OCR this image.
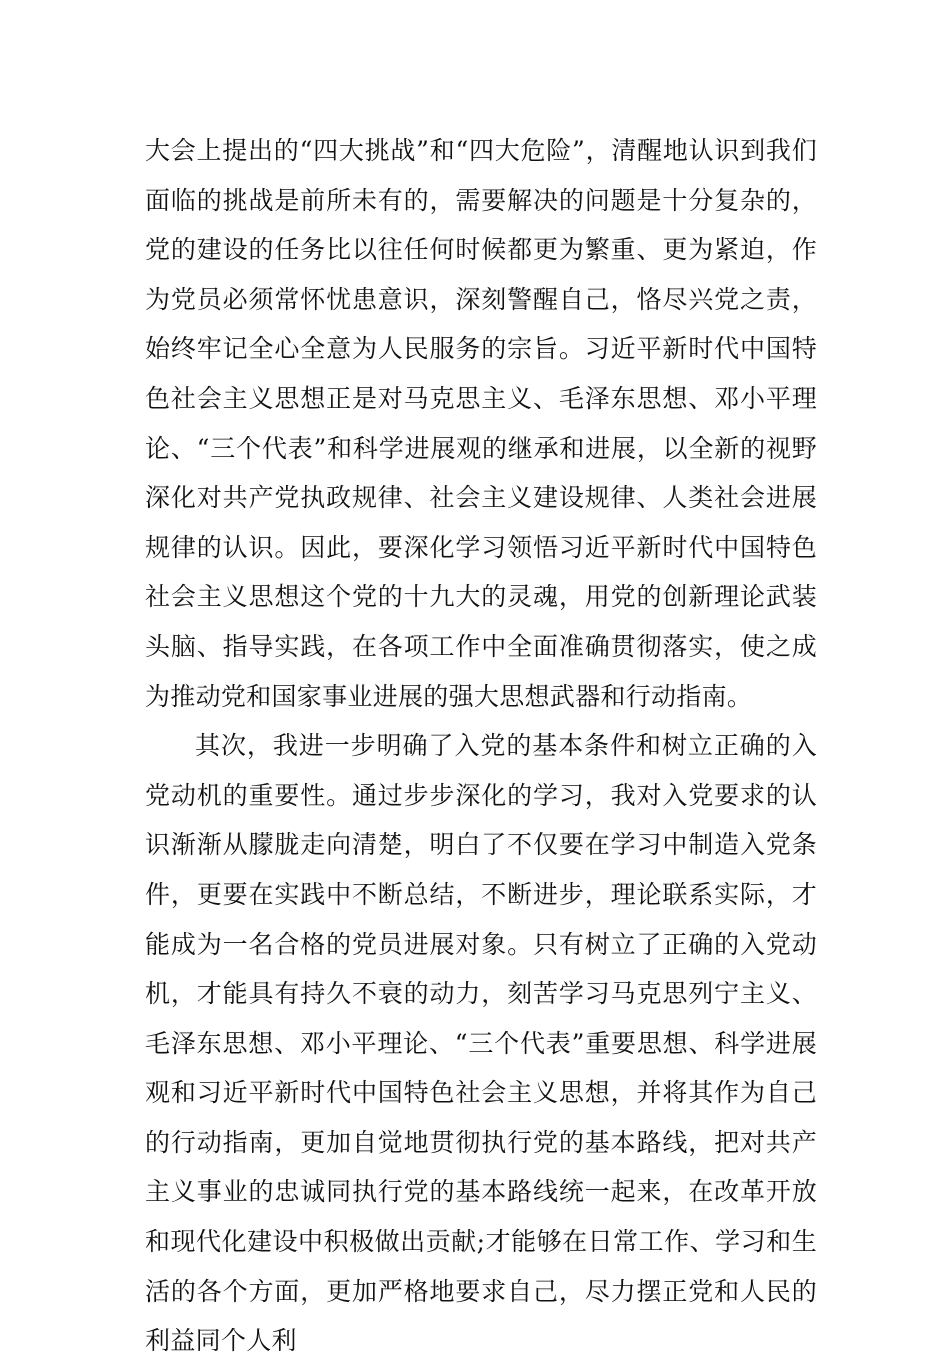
大会上提出的“四大挑战”和“四大危险”，清醒地认识到我们面临的挑战是前所未有的，需要解决的问题是十分复杂的，党的建设的任务比以往任何时候都更为繁重、更为紧迫，作为党员必须常怀忧患意识，深刻警醒自己，恪尽兴党之责，始终牢记全心全意为人民服务的宗旨。习近平新时代中国特色社会主义思想正是对马克思主义、毛泽东思想、邓小平理论、“三个代表”和科学进展观的继承和进展，以全新的视野深化对共产党执政规律、社会主义建设规律、人类社会进展规律的认识。因此，要深化学习领悟习近平新时代中国特色社会主义思想这个党的十九大的灵魂，用党的创新理论武装头脑、指导实践，在各项工作中全面准确贯彻落实，使之成为推动党和国家事业进展的强大思想武器和行动指南。

其次，我进一步明确了入党的基本条件和树立正确的入党动机的重要性。通过步步深化的学习，我对入党要求的认识渐渐从朦胧走向清楚，明白了不仅要在学习中制造入党条件，更要在实践中不断总结，不断进步，理论联系实际，才能成为一名合格的党员进展对象。只有树立了正确的入党动机，才能具有持久不衰的动力，刻苦学习马克思列宁主义、毛泽东思想、邓小平理论、“三个代表”重要思想、科学进展观和习近平新时代中国特色社会主义思想，并将其作为自己的行动指南，更加自觉地贯彻执行党的基本路线，把对共产主义事业的忠诚同执行党的基本路线统一起来，在改革开放和现代化建设中积极做出贡献;才能够在日常工作、学习和生活的各个方面，更加严格地要求自己，尽力摆正党和人民的利益同个人利
